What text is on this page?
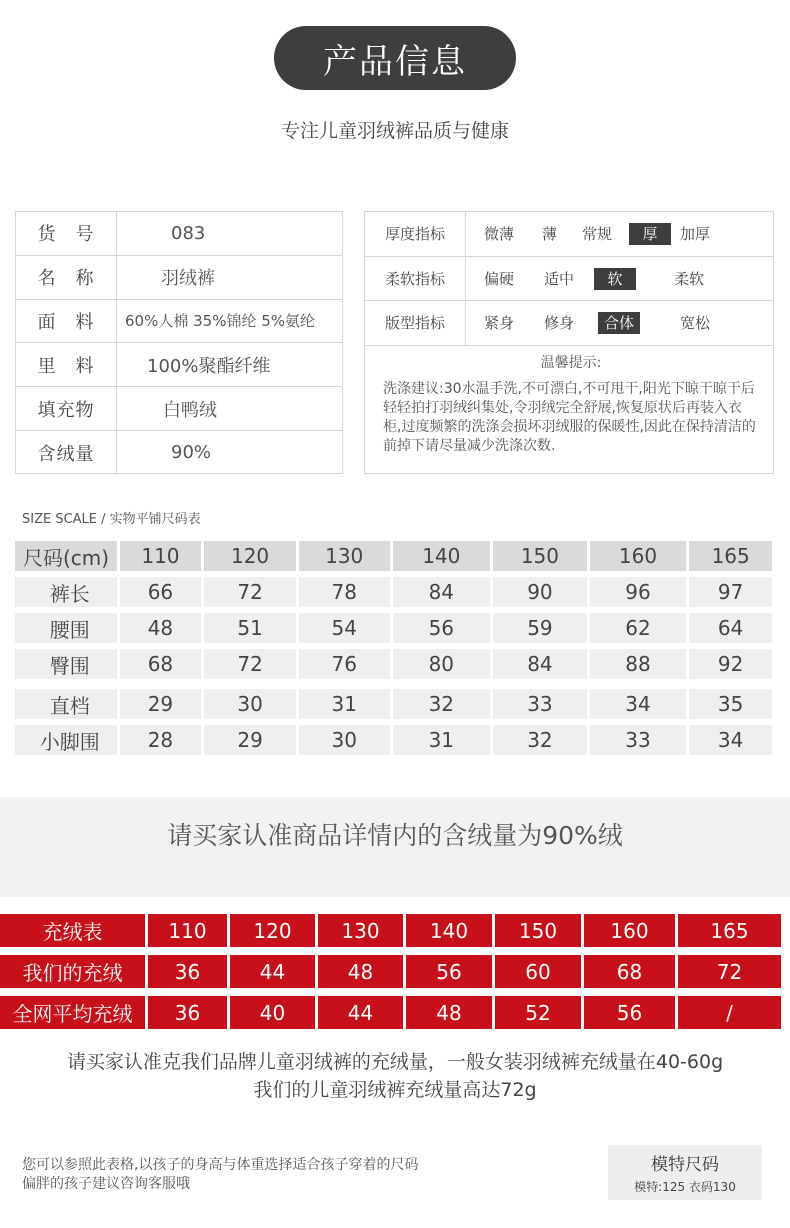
产品信息
专注儿童羽绒裤品质与健康
货　号	083
名　称	羽绒裤
面　料	60%人棉 35%锦纶 5%氨纶
里　料	100%聚酯纤维
填充物	白鸭绒
含绒量	90%
厚度指标	微薄 薄 常规	厚	加厚
柔软指标	偏硬 适中	软	柔软
版型指标	紧身 修身	合体	宽松
温馨提示:
洗涤建议:30水温手洗,不可漂白,不可甩干,阳光下晾干晾干后轻轻拍打羽绒纠集处,令羽绒完全舒展,恢复原状后再装入衣柜,过度频繁的洗涤会损坏羽绒服的保暖性,因此在保持清洁的前掉下请尽量减少洗涤次数.
SIZE SCALE / 实物平铺尺码表
尺码(cm)	110	120	130	140	150	160	165
裤长	66	72	78	84	90	96	97
腰围	48	51	54	56	59	62	64
臀围	68	72	76	80	84	88	92
直档	29	30	31	32	33	34	35
小脚围	28	29	30	31	32	33	34
请买家认准商品详情内的含绒量为90%绒
充绒表	110	120	130	140	150	160	165
我们的充绒	36	44	48	56	60	68	72
全网平均充绒	36	40	44	48	52	56	/
请买家认准克我们品牌儿童羽绒裤的充绒量，一般女装羽绒裤充绒量在40-60g
我们的儿童羽绒裤充绒量高达72g
您可以参照此表格,以孩子的身高与体重选择适合孩子穿着的尺码
偏胖的孩子建议咨询客服哦
模特尺码
模特:125 衣码130
